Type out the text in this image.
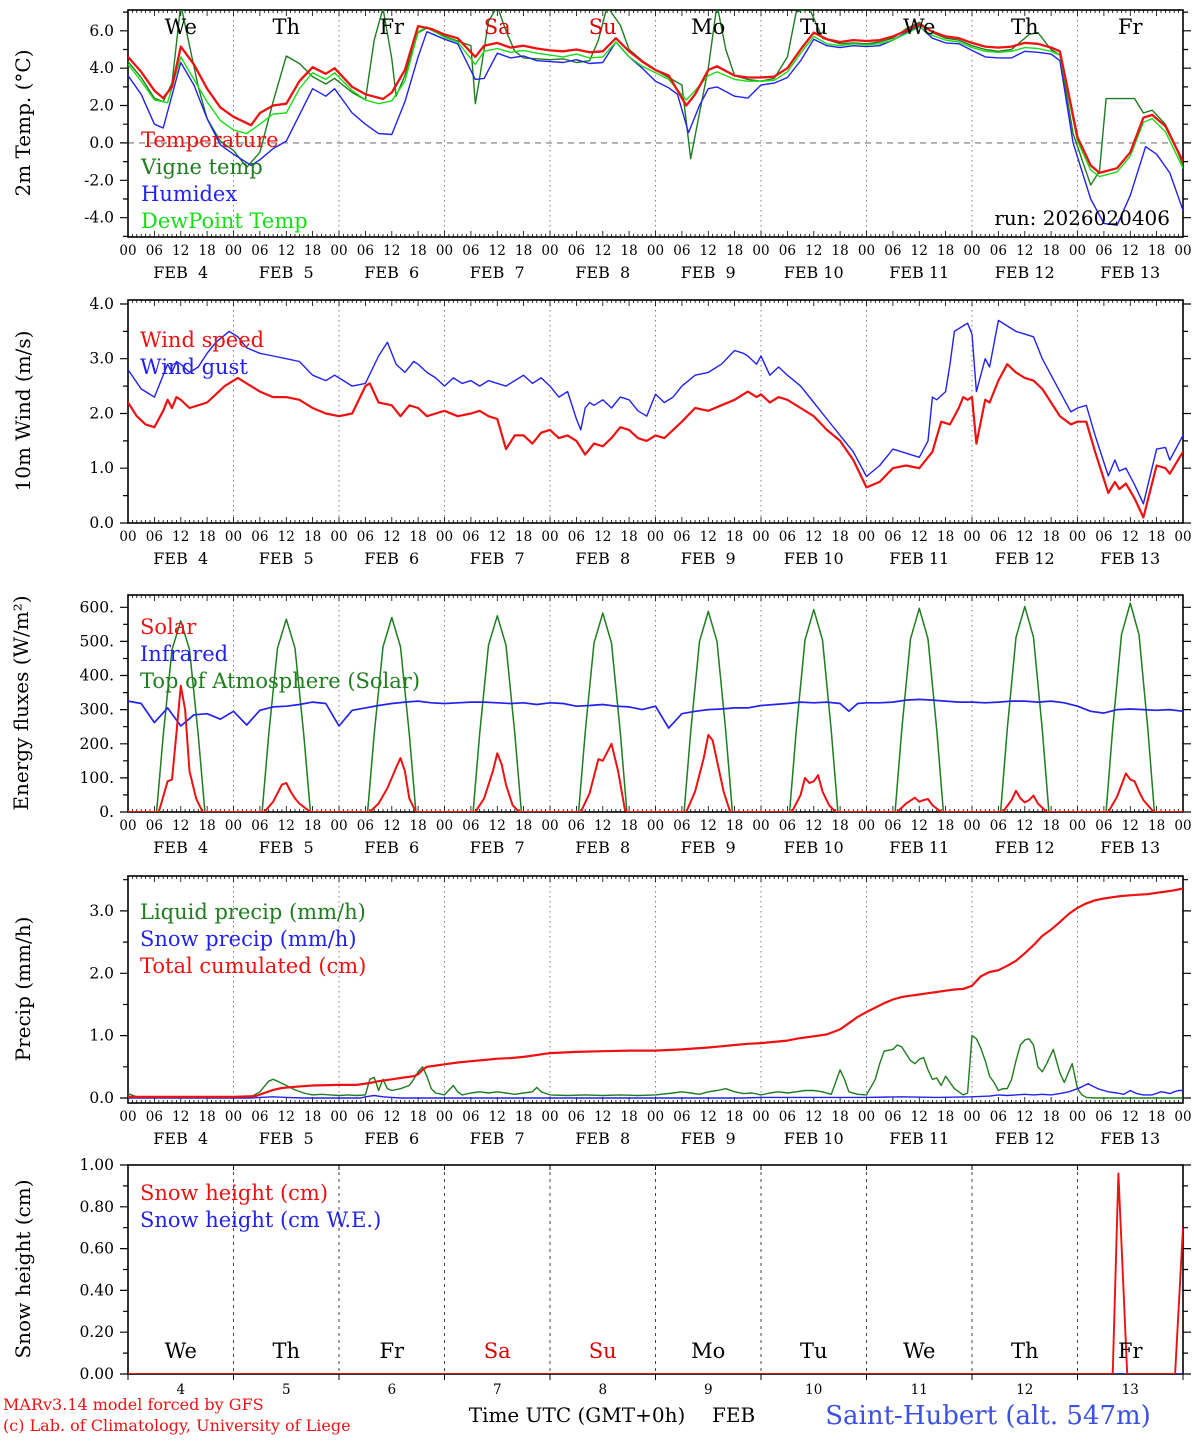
6.0
4.0
2.0
0.0
-2.0
-4.0
00 06 12 18 00 06 12 18 00 06 12 18 00 06 12 18 00 06 12 18 00 06 12 18 00 06 12 18 00 06 12 18 00 06 12 18 00 06 12 18 00
FEB  4	FEB  5	FEB  6	FEB  7	FEB  8	FEB  9	FEB 10	FEB 11	FEB 12	FEB 13
We	Th	Fr	Sa	Su	Mo	Tu	We	Th	Fr
4.0
3.0
2.0
1.0
0.0
00 06 12 18 00 06 12 18 00 06 12 18 00 06 12 18 00 06 12 18 00 06 12 18 00 06 12 18 00 06 12 18 00 06 12 18 00 06 12 18 00
FEB  4	FEB  5	FEB  6	FEB  7	FEB  8	FEB  9	FEB 10	FEB 11	FEB 12	FEB 13
600.
500.
400.
300.
200.
100.
0.
00 06 12 18 00 06 12 18 00 06 12 18 00 06 12 18 00 06 12 18 00 06 12 18 00 06 12 18 00 06 12 18 00 06 12 18 00 06 12 18 00
FEB  4	FEB  5	FEB  6	FEB  7	FEB  8	FEB  9	FEB 10	FEB 11	FEB 12	FEB 13
3.0
2.0
1.0
0.0
00 06 12 18 00 06 12 18 00 06 12 18 00 06 12 18 00 06 12 18 00 06 12 18 00 06 12 18 00 06 12 18 00 06 12 18 00 06 12 18 00
FEB  4	FEB  5	FEB  6	FEB  7	FEB  8	FEB  9	FEB 10	FEB 11	FEB 12	FEB 13
1.00
0.80
0.60
0.40
0.20
0.00
We	Th	Fr	Sa	Su	Mo	Tu	We	Th	Fr
4	5	6	7	8	9	10	11	12	13
2m Temp. (°C)
10m Wind (m/s)
Energy fluxes (W/m²)
Precip (mm/h)
Snow height (cm)
Temperature
Vigne temp
Humidex
DewPoint Temp
Wind speed
Wind gust
Solar
Infrared
Top of Atmosphere (Solar)
Liquid precip (mm/h)
Snow precip (mm/h)
Total cumulated (cm)
Snow height (cm)
Snow height (cm W.E.)
run: 2026020406
MARv3.14 model forced by GFS
(c) Lab. of Climatology, University of Liege	Time UTC (GMT+0h) FEB	Saint-Hubert (alt. 547m)
